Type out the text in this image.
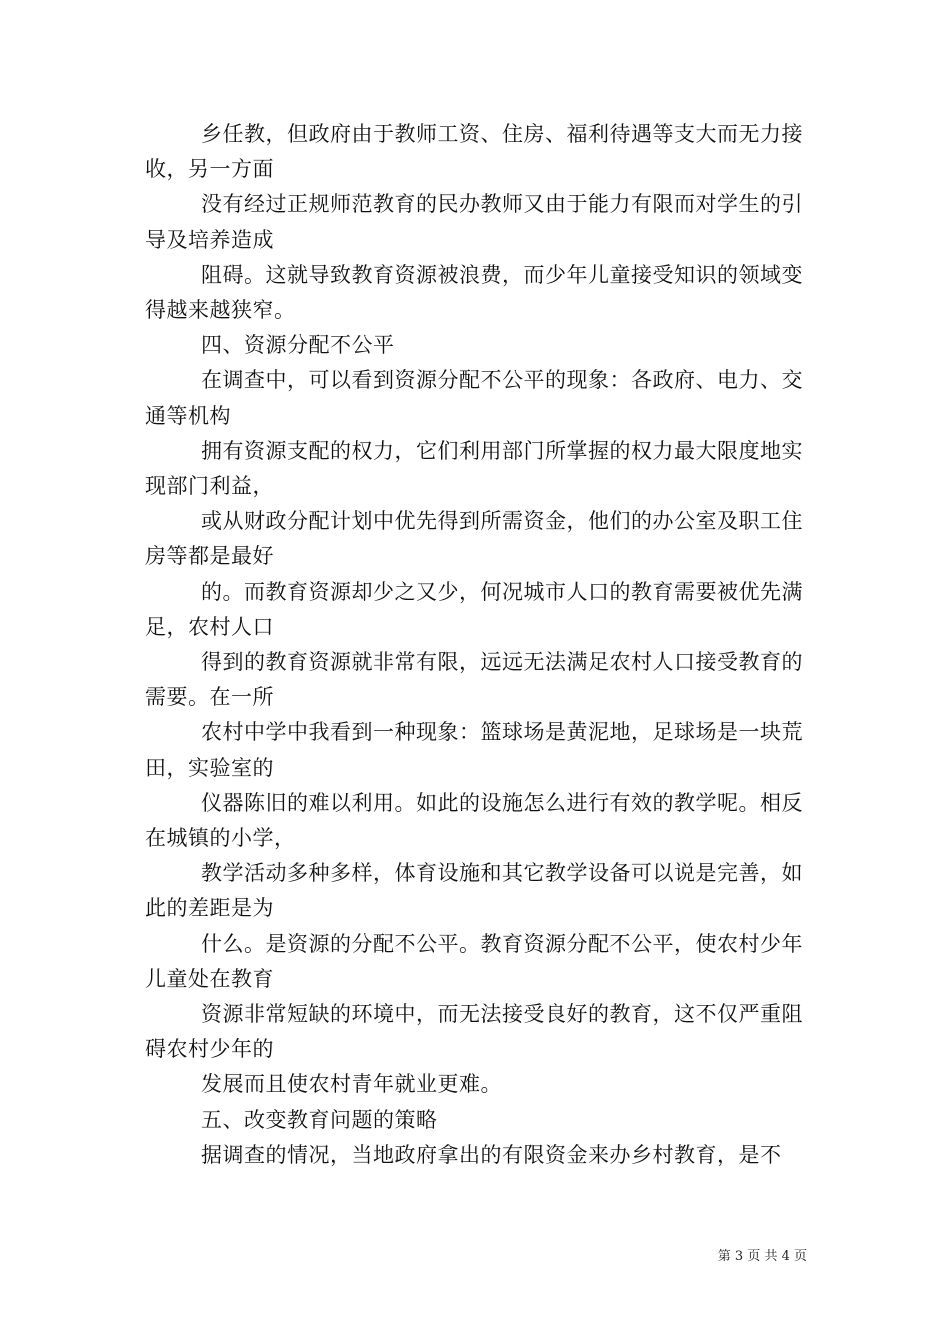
乡任教，但政府由于教师工资、住房、福利待遇等支大而无力接收，另一方面

没有经过正规师范教育的民办教师又由于能力有限而对学生的引导及培养造成

阻碍。这就导致教育资源被浪费，而少年儿童接受知识的领域变得越来越狭窄。

四、资源分配不公平

在调查中，可以看到资源分配不公平的现象：各政府、电力、交通等机构

拥有资源支配的权力，它们利用部门所掌握的权力最大限度地实现部门利益，

或从财政分配计划中优先得到所需资金，他们的办公室及职工住房等都是最好

的。而教育资源却少之又少，何况城市人口的教育需要被优先满足，农村人口

得到的教育资源就非常有限，远远无法满足农村人口接受教育的需要。在一所

农村中学中我看到一种现象：篮球场是黄泥地，足球场是一块荒田，实验室的

仪器陈旧的难以利用。如此的设施怎么进行有效的教学呢。相反在城镇的小学，

教学活动多种多样，体育设施和其它教学设备可以说是完善，如此的差距是为

什么。是资源的分配不公平。教育资源分配不公平，使农村少年儿童处在教育

资源非常短缺的环境中，而无法接受良好的教育，这不仅严重阻碍农村少年的

发展而且使农村青年就业更难。

五、改变教育问题的策略

据调查的情况，当地政府拿出的有限资金来办乡村教育，是不

第 3 页 共 4 页
